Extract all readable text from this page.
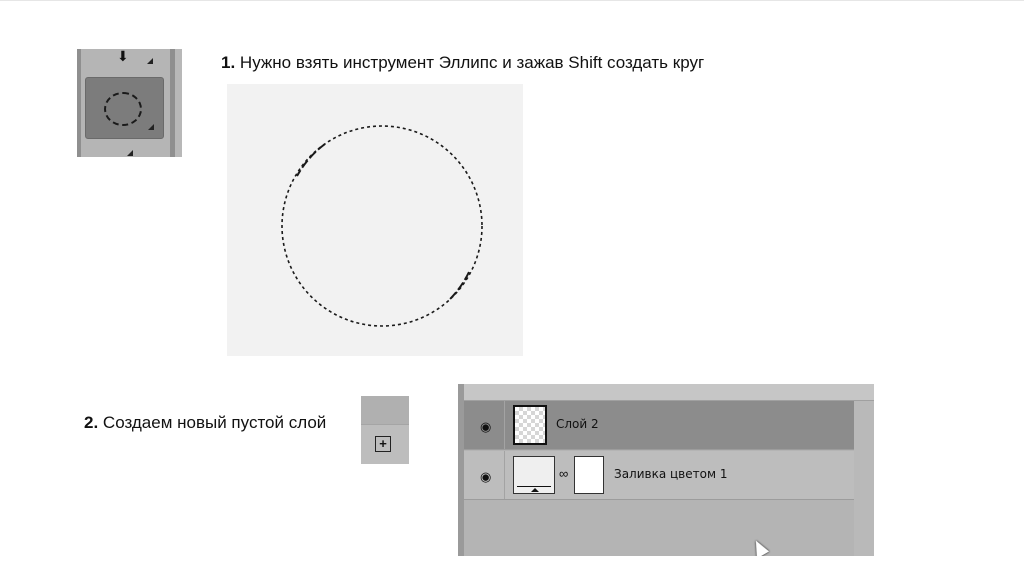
⬇	1. Нужно взять инструмент Эллипс и зажав Shift создать круг
2. Создаем новый пустой слой
+
◉	Слой 2
◉	∞	Заливка цветом 1
